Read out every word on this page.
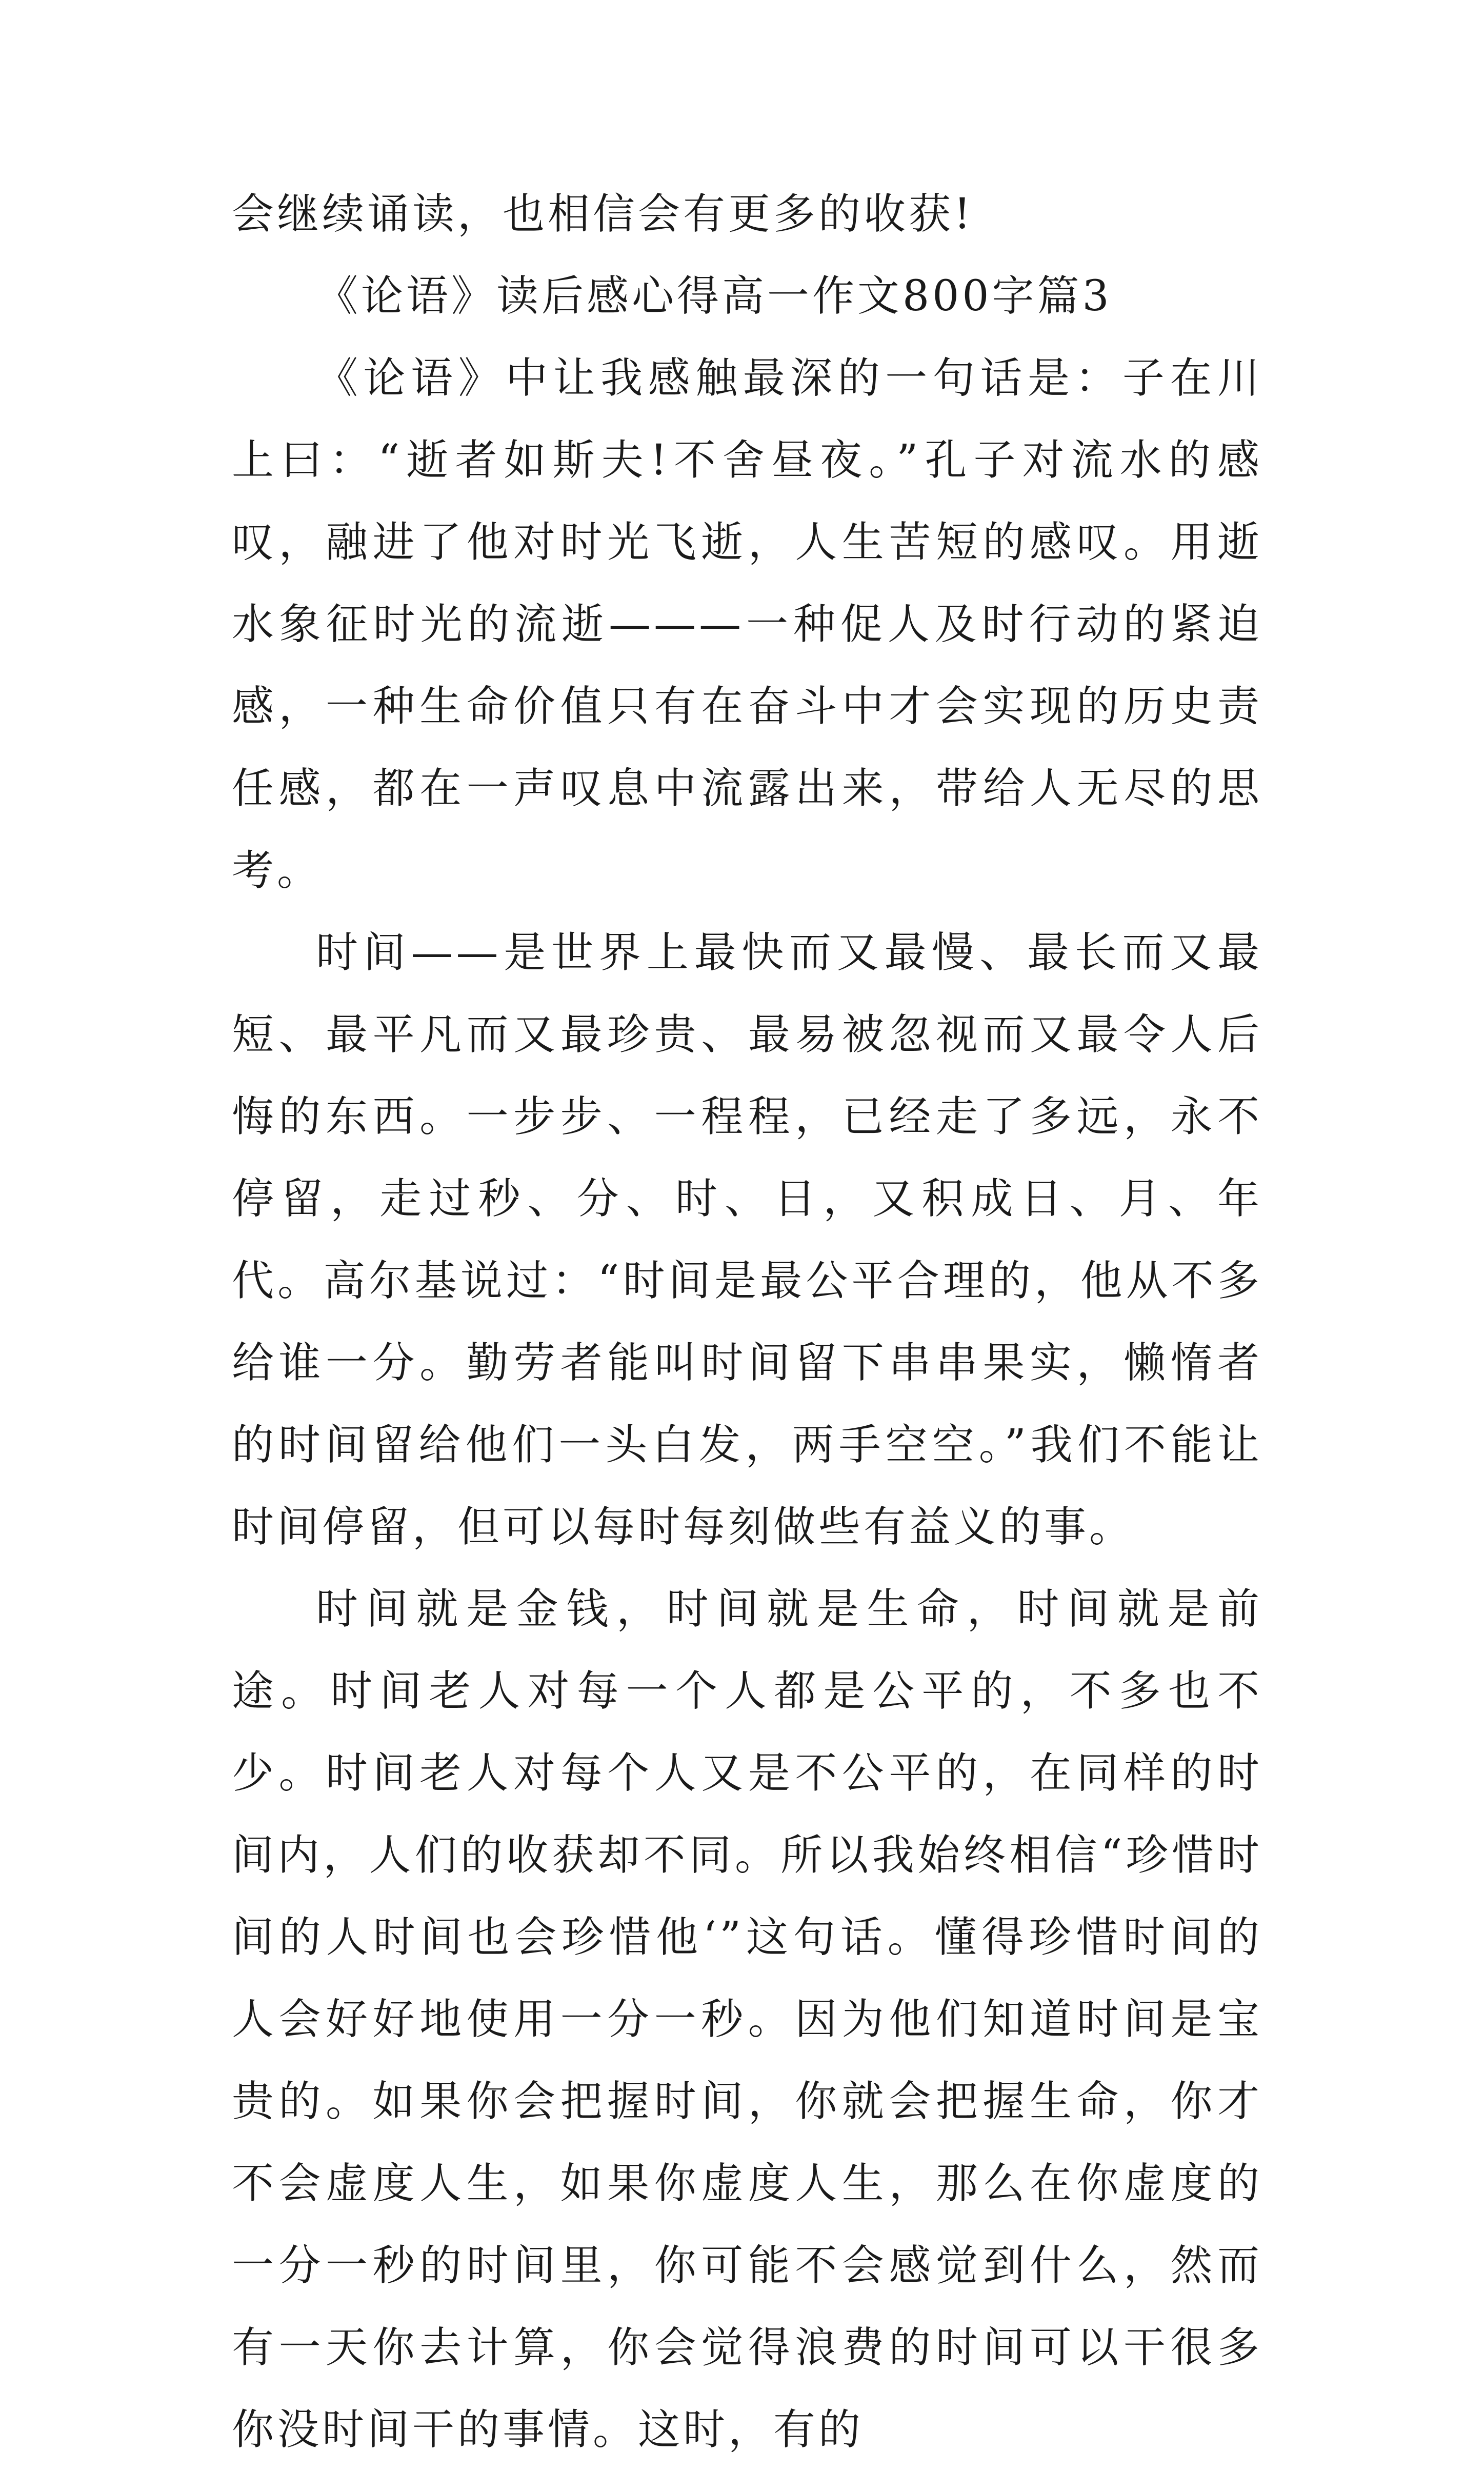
会继续诵读，也相信会有更多的收获!

《论语》读后感心得高一作文800字篇3

《论语》中让我感触最深的一句话是：子在川上曰：“逝者如斯夫!不舍昼夜。”孔子对流水的感叹，融进了他对时光飞逝，人生苦短的感叹。用逝水象征时光的流逝———一种促人及时行动的紧迫感，一种生命价值只有在奋斗中才会实现的历史责任感，都在一声叹息中流露出来，带给人无尽的思考。

时间——是世界上最快而又最慢、最长而又最短、最平凡而又最珍贵、最易被忽视而又最令人后悔的东西。一步步、一程程，已经走了多远，永不停留，走过秒、分、时、日，又积成日、月、年代。高尔基说过：“时间是最公平合理的，他从不多给谁一分。勤劳者能叫时间留下串串果实，懒惰者的时间留给他们一头白发，两手空空。”我们不能让时间停留，但可以每时每刻做些有益义的事。

时间就是金钱，时间就是生命，时间就是前途。时间老人对每一个人都是公平的，不多也不少。时间老人对每个人又是不公平的，在同样的时间内，人们的收获却不同。所以我始终相信“珍惜时间的人时间也会珍惜他‘”这句话。懂得珍惜时间的人会好好地使用一分一秒。因为他们知道时间是宝贵的。如果你会把握时间，你就会把握生命，你才不会虚度人生，如果你虚度人生，那么在你虚度的一分一秒的时间里，你可能不会感觉到什么，然而有一天你去计算，你会觉得浪费的时间可以干很多你没时间干的事情。这时，有的
